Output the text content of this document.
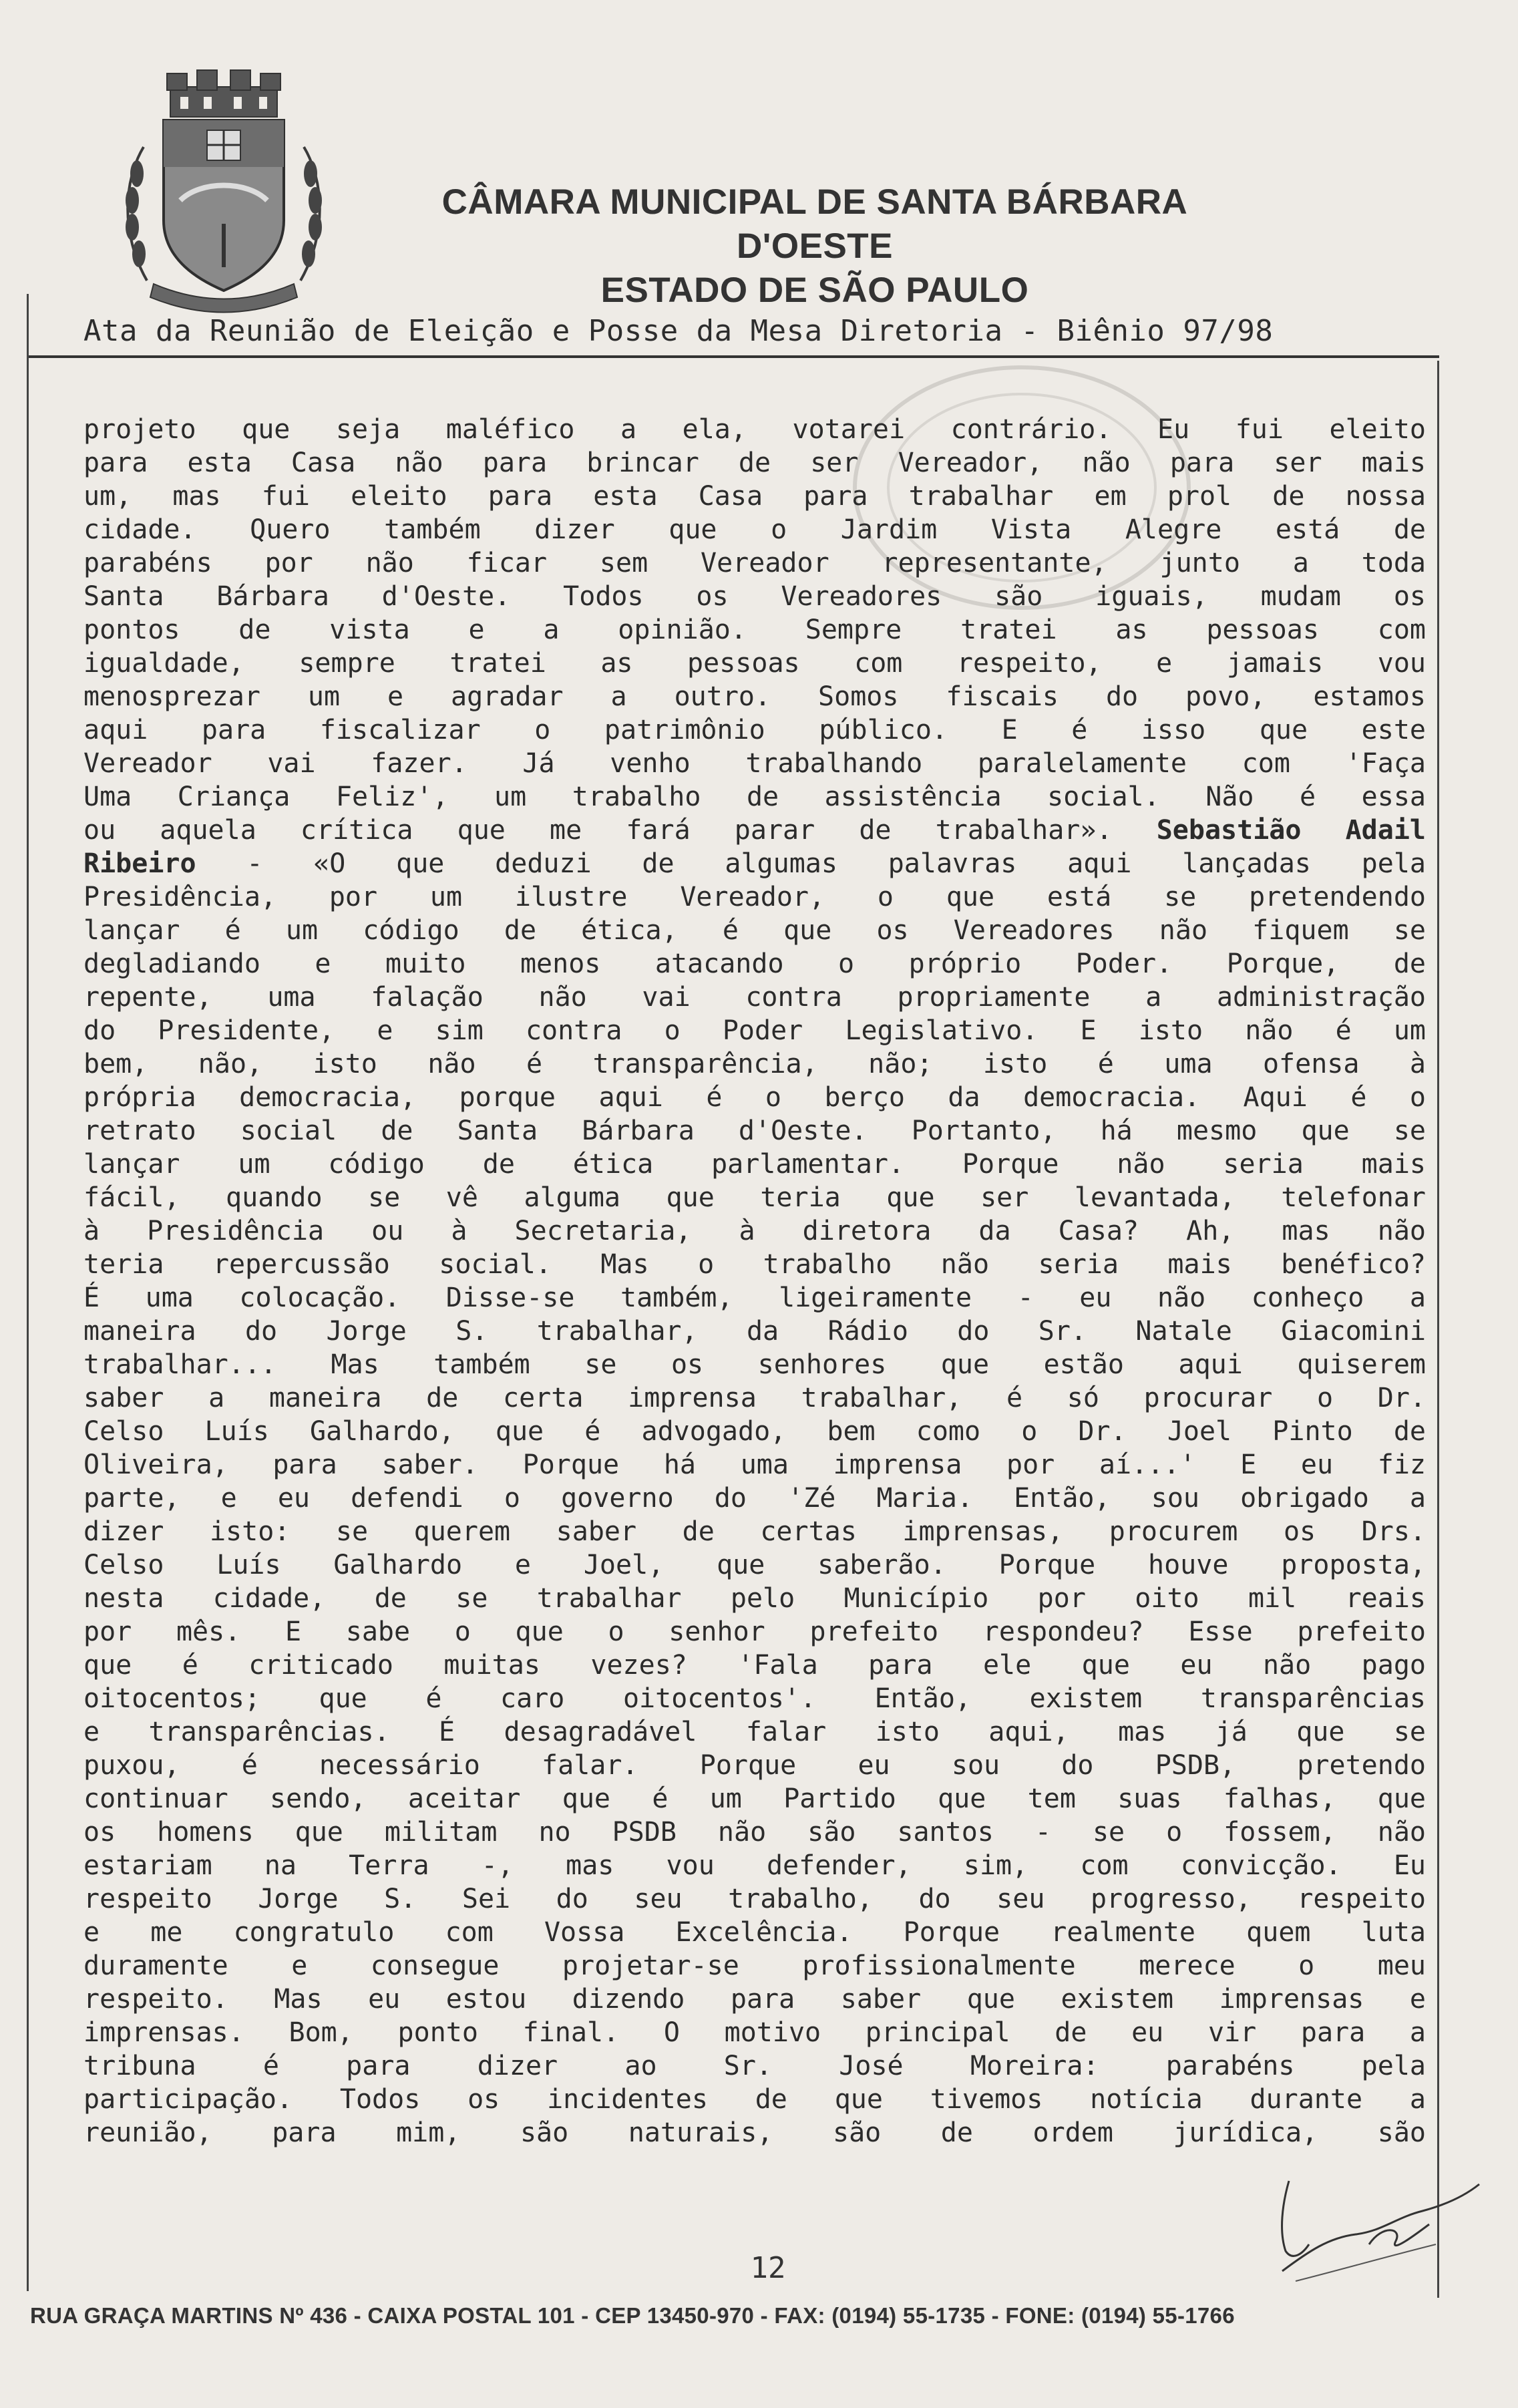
CÂMARA MUNICIPAL DE SANTA BÁRBARA D'OESTE
ESTADO DE SÃO PAULO
Ata da Reunião de Eleição e Posse da Mesa Diretoria - Biênio 97/98
projeto que seja maléfico a ela, votarei contrário. Eu fui eleito
para esta Casa não para brincar de ser Vereador, não para ser mais
um, mas fui eleito para esta Casa para trabalhar em prol de nossa
cidade. Quero também dizer que o Jardim Vista Alegre está de
parabéns por não ficar sem Vereador representante, junto a toda
Santa Bárbara d'Oeste. Todos os Vereadores são iguais, mudam os
pontos de vista e a opinião. Sempre tratei as pessoas com
igualdade, sempre tratei as pessoas com respeito, e jamais vou
menosprezar um e agradar a outro. Somos fiscais do povo, estamos
aqui para fiscalizar o patrimônio público. E é isso que este
Vereador vai fazer. Já venho trabalhando paralelamente com 'Faça
Uma Criança Feliz', um trabalho de assistência social. Não é essa
ou aquela crítica que me fará parar de trabalhar». Sebastião Adail
Ribeiro - «O que deduzi de algumas palavras aqui lançadas pela
Presidência, por um ilustre Vereador, o que está se pretendendo
lançar é um código de ética, é que os Vereadores não fiquem se
degladiando e muito menos atacando o próprio Poder. Porque, de
repente, uma falação não vai contra propriamente a administração
do Presidente, e sim contra o Poder Legislativo. E isto não é um
bem, não, isto não é transparência, não; isto é uma ofensa à
própria democracia, porque aqui é o berço da democracia. Aqui é o
retrato social de Santa Bárbara d'Oeste. Portanto, há mesmo que se
lançar um código de ética parlamentar. Porque não seria mais
fácil, quando se vê alguma que teria que ser levantada, telefonar
à Presidência ou à Secretaria, à diretora da Casa? Ah, mas não
teria repercussão social. Mas o trabalho não seria mais benéfico?
É uma colocação. Disse-se também, ligeiramente - eu não conheço a
maneira do Jorge S. trabalhar, da Rádio do Sr. Natale Giacomini
trabalhar... Mas também se os senhores que estão aqui quiserem
saber a maneira de certa imprensa trabalhar, é só procurar o Dr.
Celso Luís Galhardo, que é advogado, bem como o Dr. Joel Pinto de
Oliveira, para saber. Porque há uma imprensa por aí...' E eu fiz
parte, e eu defendi o governo do 'Zé Maria. Então, sou obrigado a
dizer isto: se querem saber de certas imprensas, procurem os Drs.
Celso Luís Galhardo e Joel, que saberão. Porque houve proposta,
nesta cidade, de se trabalhar pelo Município por oito mil reais
por mês. E sabe o que o senhor prefeito respondeu? Esse prefeito
que é criticado muitas vezes? 'Fala para ele que eu não pago
oitocentos; que é caro oitocentos'. Então, existem transparências
e transparências. É desagradável falar isto aqui, mas já que se
puxou, é necessário falar. Porque eu sou do PSDB, pretendo
continuar sendo, aceitar que é um Partido que tem suas falhas, que
os homens que militam no PSDB não são santos - se o fossem, não
estariam na Terra -, mas vou defender, sim, com convicção. Eu
respeito Jorge S. Sei do seu trabalho, do seu progresso, respeito
e me congratulo com Vossa Excelência. Porque realmente quem luta
duramente e consegue projetar-se profissionalmente merece o meu
respeito. Mas eu estou dizendo para saber que existem imprensas e
imprensas. Bom, ponto final. O motivo principal de eu vir para a
tribuna é para dizer ao Sr. José Moreira: parabéns pela
participação. Todos os incidentes de que tivemos notícia durante a
reunião, para mim, são naturais, são de ordem jurídica, são
12
RUA GRAÇA MARTINS Nº 436 - CAIXA POSTAL 101 - CEP 13450-970 - FAX: (0194) 55-1735 - FONE: (0194) 55-1766
